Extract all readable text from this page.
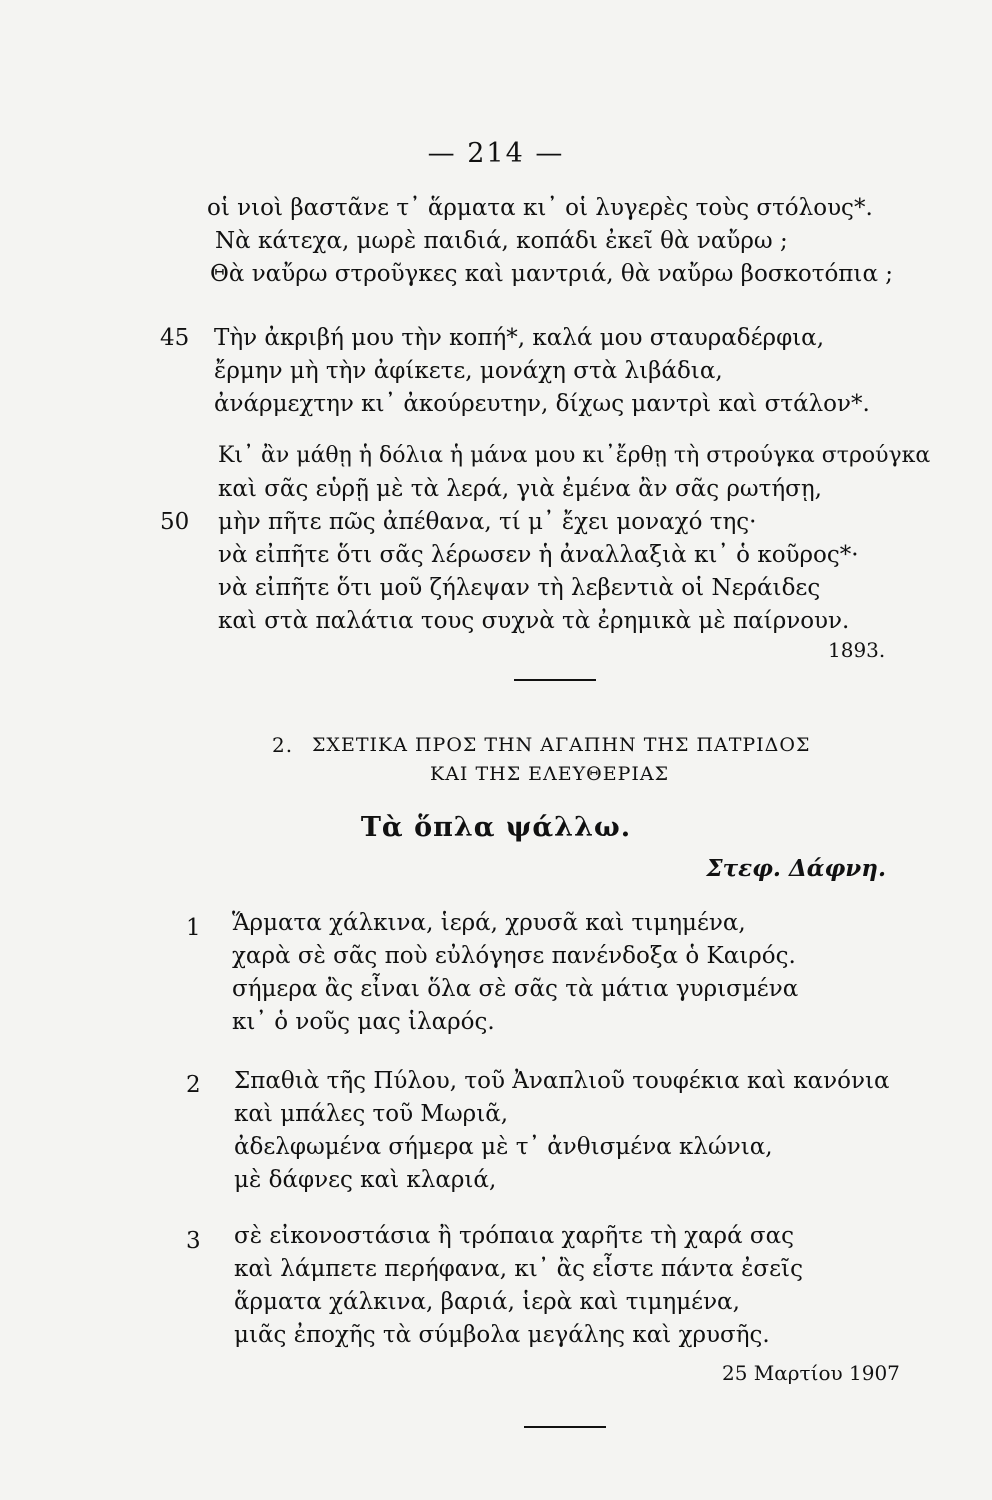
— 214 —
οἱ νιοὶ βαστᾶνε τ᾽ ἅρματα κι᾽ οἱ λυγερὲς τοὺς στόλους*.
Νὰ κάτεχα, μωρὲ παιδιά, κοπάδι ἐκεῖ θὰ ναὔρω ;
Θὰ ναὔρω στροῦγκες καὶ μαντριά, θὰ ναὔρω βοσκοτόπια ;
45 Τὴν ἀκριβή μου τὴν κοπή*, καλά μου σταυραδέρφια,
ἔρμην μὴ τὴν ἀφίκετε, μονάχη στὰ λιβάδια,
ἀνάρμεχτην κι᾽ ἀκούρευτην, δίχως μαντρὶ καὶ στάλον*.
Κι᾽ ἂν μάθῃ ἡ δόλια ἡ μάνα μου κι᾽ἔρθῃ τὴ στρούγκα στρούγκα
καὶ σᾶς εὑρῇ μὲ τὰ λερά, γιὰ ἐμένα ἂν σᾶς ρωτήσῃ,
50 μὴν πῆτε πῶς ἀπέθανα, τί μ᾽ ἔχει μοναχό της·
νὰ εἰπῆτε ὅτι σᾶς λέρωσεν ἡ ἀναλλαξιὰ κι᾽ ὁ κοῦρος*·
νὰ εἰπῆτε ὅτι μοῦ ζήλεψαν τὴ λεβεντιὰ οἱ Νεράιδες
καὶ στὰ παλάτια τους συχνὰ τὰ ἐρημικὰ μὲ παίρνουν.
1893.
2. ΣΧΕΤΙΚΑ ΠΡΟΣ ΤΗΝ ΑΓΑΠΗΝ ΤΗΣ ΠΑΤΡΙΔΟΣ
ΚΑΙ ΤΗΣ ΕΛΕΥΘΕΡΙΑΣ
Τὰ ὅπλα ψάλλω.
Στεφ. Δάφνη.
1 Ἅρματα χάλκινα, ἱερά, χρυσᾶ καὶ τιμημένα,
χαρὰ σὲ σᾶς ποὺ εὐλόγησε πανένδοξα ὁ Καιρός.
σήμερα ἂς εἶναι ὅλα σὲ σᾶς τὰ μάτια γυρισμένα
κι᾽ ὁ νοῦς μας ἱλαρός.
2 Σπαθιὰ τῆς Πύλου, τοῦ Ἀναπλιοῦ τουφέκια καὶ κανόνια
καὶ μπάλες τοῦ Μωριᾶ,
ἀδελφωμένα σήμερα μὲ τ᾽ ἀνθισμένα κλώνια,
μὲ δάφνες καὶ κλαριά,
3 σὲ εἰκονοστάσια ἢ τρόπαια χαρῆτε τὴ χαρά σας
καὶ λάμπετε περήφανα, κι᾽ ἂς εἶστε πάντα ἐσεῖς
ἅρματα χάλκινα, βαριά, ἱερὰ καὶ τιμημένα,
μιᾶς ἐποχῆς τὰ σύμβολα μεγάλης καὶ χρυσῆς.
25 Μαρτίου 1907
